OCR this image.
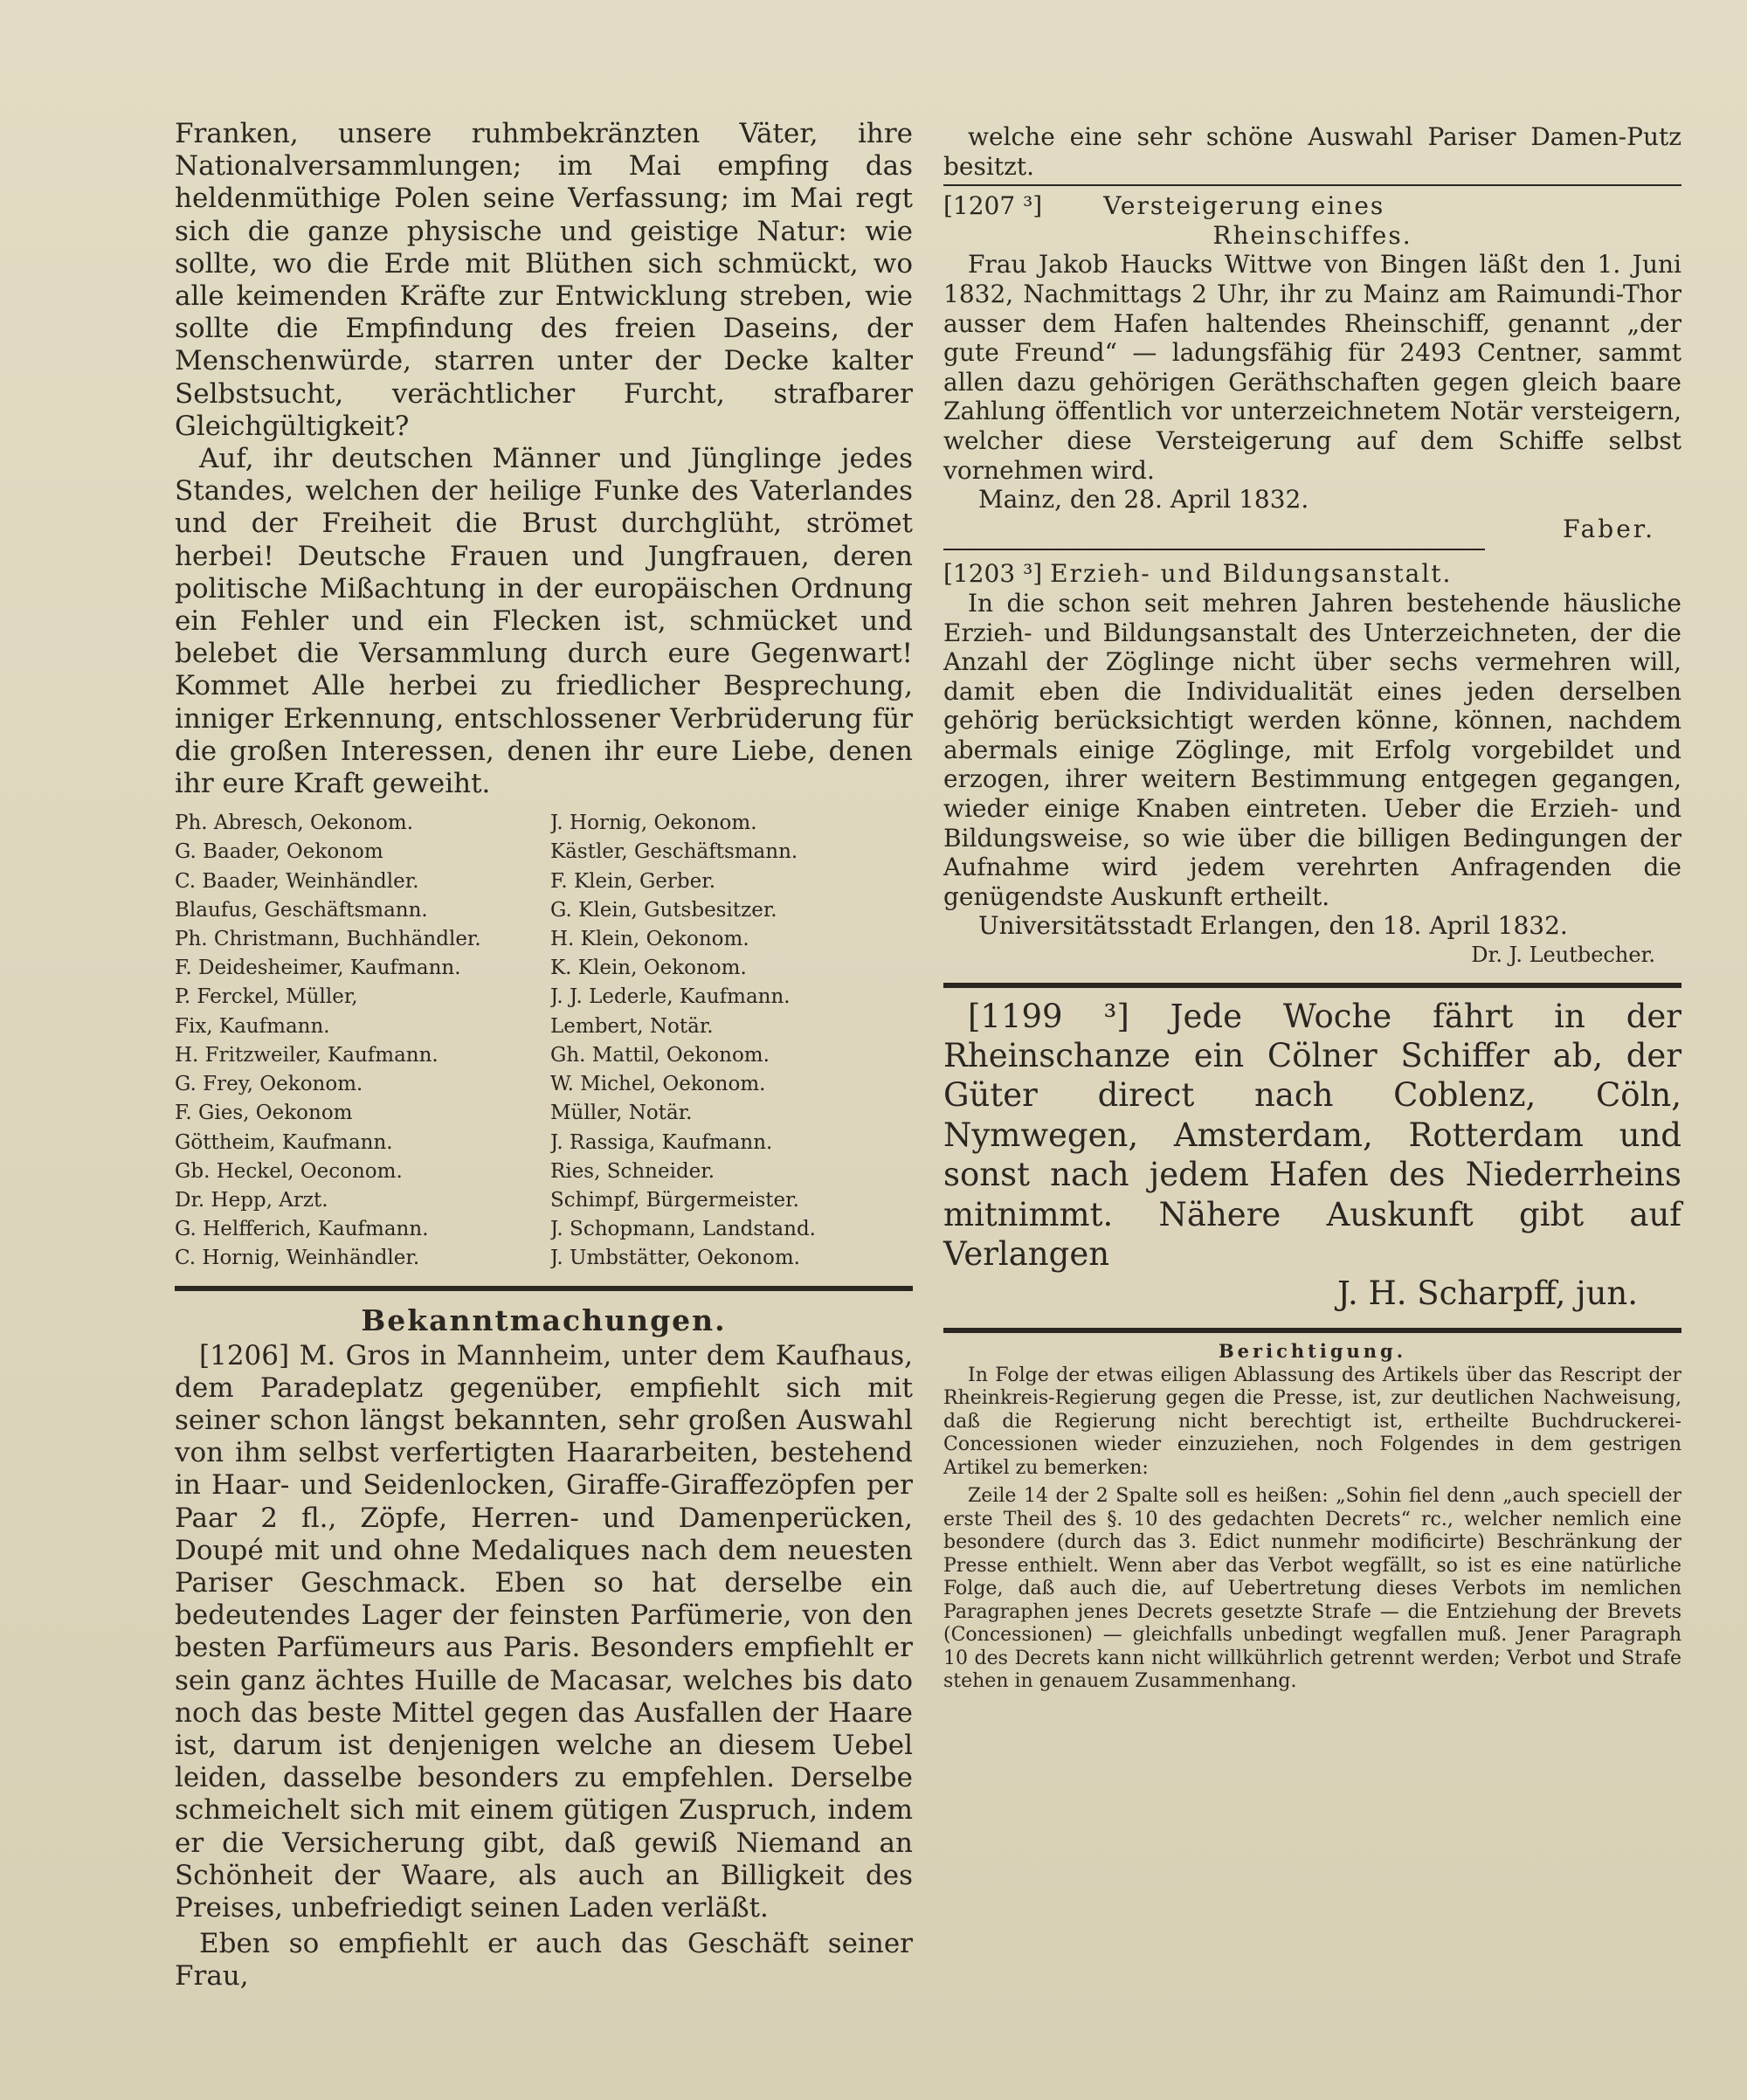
Franken, unsere ruhmbekränzten Väter, ihre Nationalversammlungen; im Mai empfing das heldenmüthige Polen seine Verfassung; im Mai regt sich die ganze physische und geistige Natur: wie sollte, wo die Erde mit Blüthen sich schmückt, wo alle keimenden Kräfte zur Entwicklung streben, wie sollte die Empfindung des freien Daseins, der Menschenwürde, starren unter der Decke kalter Selbstsucht, verächtlicher Furcht, strafbarer Gleichgültigkeit?

Auf, ihr deutschen Männer und Jünglinge jedes Standes, welchen der heilige Funke des Vaterlandes und der Freiheit die Brust durchglüht, strömet herbei! Deutsche Frauen und Jungfrauen, deren politische Mißachtung in der europäischen Ordnung ein Fehler und ein Flecken ist, schmücket und belebet die Versammlung durch eure Gegenwart! Kommet Alle herbei zu friedlicher Besprechung, inniger Erkennung, entschlossener Verbrüderung für die großen Interessen, denen ihr eure Liebe, denen ihr eure Kraft geweiht.

Ph. Abresch, Oekonom.	J. Hornig, Oekonom.
G. Baader, Oekonom	Kästler, Geschäftsmann.
C. Baader, Weinhändler.	F. Klein, Gerber.
Blaufus, Geschäftsmann.	G. Klein, Gutsbesitzer.
Ph. Christmann, Buchhändler.	H. Klein, Oekonom.
F. Deidesheimer, Kaufmann.	K. Klein, Oekonom.
P. Ferckel, Müller,	J. J. Lederle, Kaufmann.
Fix, Kaufmann.	Lembert, Notär.
H. Fritzweiler, Kaufmann.	Gh. Mattil, Oekonom.
G. Frey, Oekonom.	W. Michel, Oekonom.
F. Gies, Oekonom	Müller, Notär.
Göttheim, Kaufmann.	J. Rassiga, Kaufmann.
Gb. Heckel, Oeconom.	Ries, Schneider.
Dr. Hepp, Arzt.	Schimpf, Bürgermeister.
G. Helfferich, Kaufmann.	J. Schopmann, Landstand.
C. Hornig, Weinhändler.	J. Umbstätter, Oekonom.
Bekanntmachungen.

[1206] M. Gros in Mannheim, unter dem Kaufhaus, dem Paradeplatz gegenüber, empfiehlt sich mit seiner schon längst bekannten, sehr großen Auswahl von ihm selbst verfertigten Haararbeiten, bestehend in Haar- und Seidenlocken, Giraffe-Giraffezöpfen per Paar 2 fl., Zöpfe, Herren- und Damenperücken, Doupé mit und ohne Medaliques nach dem neuesten Pariser Geschmack. Eben so hat derselbe ein bedeutendes Lager der feinsten Parfümerie, von den besten Parfümeurs aus Paris. Besonders empfiehlt er sein ganz ächtes Huille de Macasar, welches bis dato noch das beste Mittel gegen das Ausfallen der Haare ist, darum ist denjenigen welche an diesem Uebel leiden, dasselbe besonders zu empfehlen. Derselbe schmeichelt sich mit einem gütigen Zuspruch, indem er die Versicherung gibt, daß gewiß Niemand an Schönheit der Waare, als auch an Billigkeit des Preises, unbefriedigt seinen Laden verläßt.

Eben so empfiehlt er auch das Geschäft seiner Frau,

welche eine sehr schöne Auswahl Pariser Damen-Putz besitzt.

[1207 ³]	Versteigerung eines
Rheinschiffes.

Frau Jakob Haucks Wittwe von Bingen läßt den 1. Juni 1832, Nachmittags 2 Uhr, ihr zu Mainz am Raimundi-Thor ausser dem Hafen haltendes Rheinschiff, genannt „der gute Freund“ — ladungsfähig für 2493 Centner, sammt allen dazu gehörigen Geräthschaften gegen gleich baare Zahlung öffentlich vor unterzeichnetem Notär versteigern, welcher diese Versteigerung auf dem Schiffe selbst vornehmen wird.

Mainz, den 28. April 1832.

Faber.

[1203 ³] Erzieh- und Bildungsanstalt.

In die schon seit mehren Jahren bestehende häusliche Erzieh- und Bildungsanstalt des Unterzeichneten, der die Anzahl der Zöglinge nicht über sechs vermehren will, damit eben die Individualität eines jeden derselben gehörig berücksichtigt werden könne, können, nachdem abermals einige Zöglinge, mit Erfolg vorgebildet und erzogen, ihrer weitern Bestimmung entgegen gegangen, wieder einige Knaben eintreten. Ueber die Erzieh- und Bildungsweise, so wie über die billigen Bedingungen der Aufnahme wird jedem verehrten Anfragenden die genügendste Auskunft ertheilt.

Universitätsstadt Erlangen, den 18. April 1832.

Dr. J. Leutbecher.

[1199 ³] Jede Woche fährt in der Rheinschanze ein Cölner Schiffer ab, der Güter direct nach Coblenz, Cöln, Nymwegen, Amsterdam, Rotterdam und sonst nach jedem Hafen des Niederrheins mitnimmt. Nähere Auskunft gibt auf Verlangen

J. H. Scharpff, jun.

Berichtigung.

In Folge der etwas eiligen Ablassung des Artikels über das Rescript der Rheinkreis-Regierung gegen die Presse, ist, zur deutlichen Nachweisung, daß die Regierung nicht berechtigt ist, ertheilte Buchdruckerei-Concessionen wieder einzuziehen, noch Folgendes in dem gestrigen Artikel zu bemerken:

Zeile 14 der 2 Spalte soll es heißen: „Sohin fiel denn „auch speciell der erste Theil des §. 10 des gedachten Decrets“ rc., welcher nemlich eine besondere (durch das 3. Edict nunmehr modificirte) Beschränkung der Presse enthielt. Wenn aber das Verbot wegfällt, so ist es eine natürliche Folge, daß auch die, auf Uebertretung dieses Verbots im nemlichen Paragraphen jenes Decrets gesetzte Strafe — die Entziehung der Brevets (Concessionen) — gleichfalls unbedingt wegfallen muß. Jener Paragraph 10 des Decrets kann nicht willkührlich getrennt werden; Verbot und Strafe stehen in genauem Zusammenhang.
